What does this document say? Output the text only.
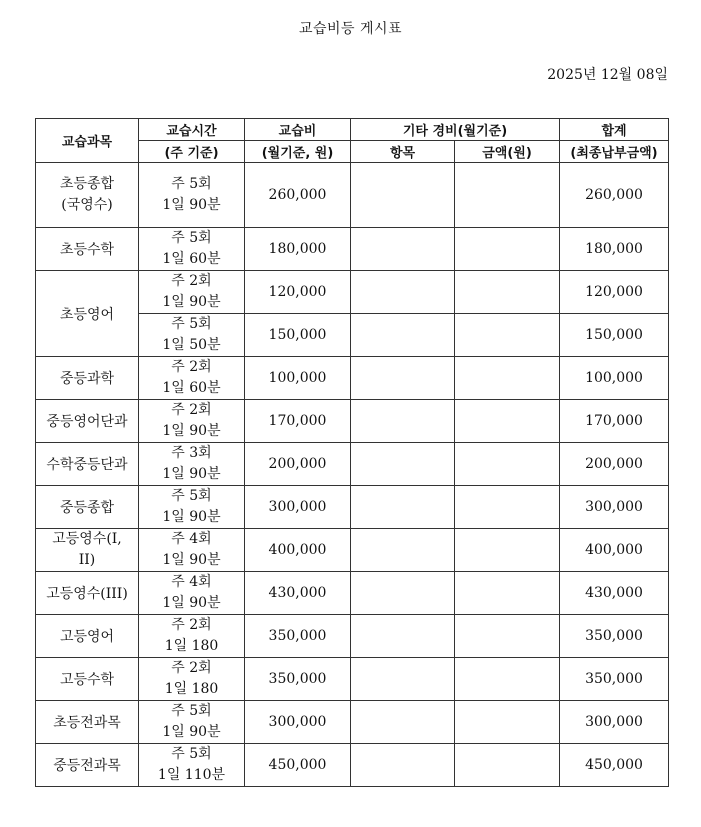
교습비등 게시표
2025년 12월 08일
교습과목	교습시간	교습비	기타 경비(월기준)		합계
	(주 기준)	(월기준, 원)	항목	금액(원)	(최종납부금액)

초등종합
(국영수)	주 5회
1일 90분	260,000			260,000
초등수학	주 5회
1일 60분	180,000			180,000
초등영어	주 2회
1일 90분	120,000			120,000

	주 5회
1일 50분	150,000			150,000
중등과학	주 2회
1일 60분	100,000			100,000
중등영어단과	주 2회
1일 90분	170,000			170,000
수학중등단과	주 3회
1일 90분	200,000			200,000
중등종합	주 5회
1일 90분	300,000			300,000

고등영수(I,
II)	주 4회
1일 90분	400,000			400,000
고등영수(III)	주 4회
1일 90분	430,000			430,000
고등영어	주 2회
1일 180	350,000			350,000
고등수학	주 2회
1일 180	350,000			350,000
초등전과목	주 5회
1일 90분	300,000			300,000
중등전과목	주 5회
1일 110분	450,000			450,000
